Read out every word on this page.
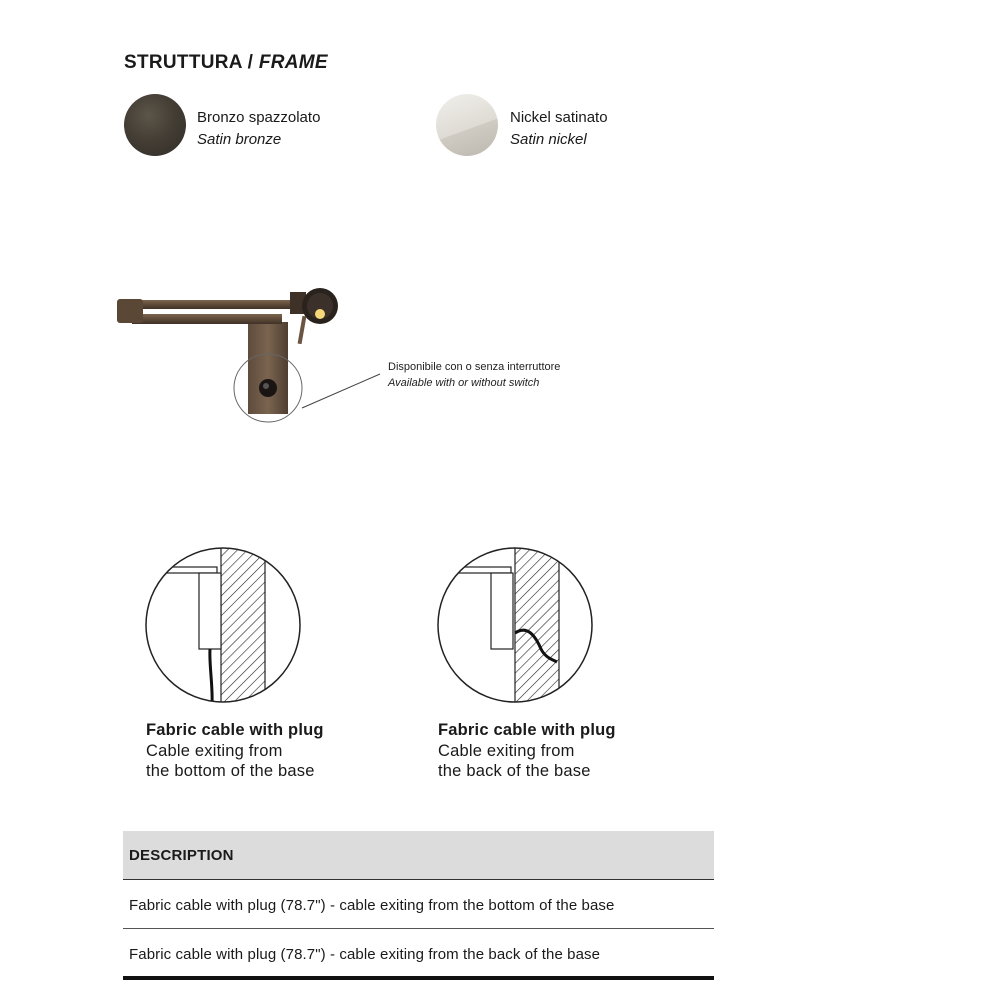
STRUTTURA / FRAME
Bronzo spazzolato
Satin bronze
Nickel satinato
Satin nickel
Disponibile con o senza interruttore
Available with or without switch
Fabric cable with plug
Cable exiting from
the bottom of the base
Fabric cable with plug
Cable exiting from
the back of the base
DESCRIPTION
Fabric cable with plug (78.7") - cable exiting from the bottom of the base
Fabric cable with plug (78.7") - cable exiting from the back of the base
